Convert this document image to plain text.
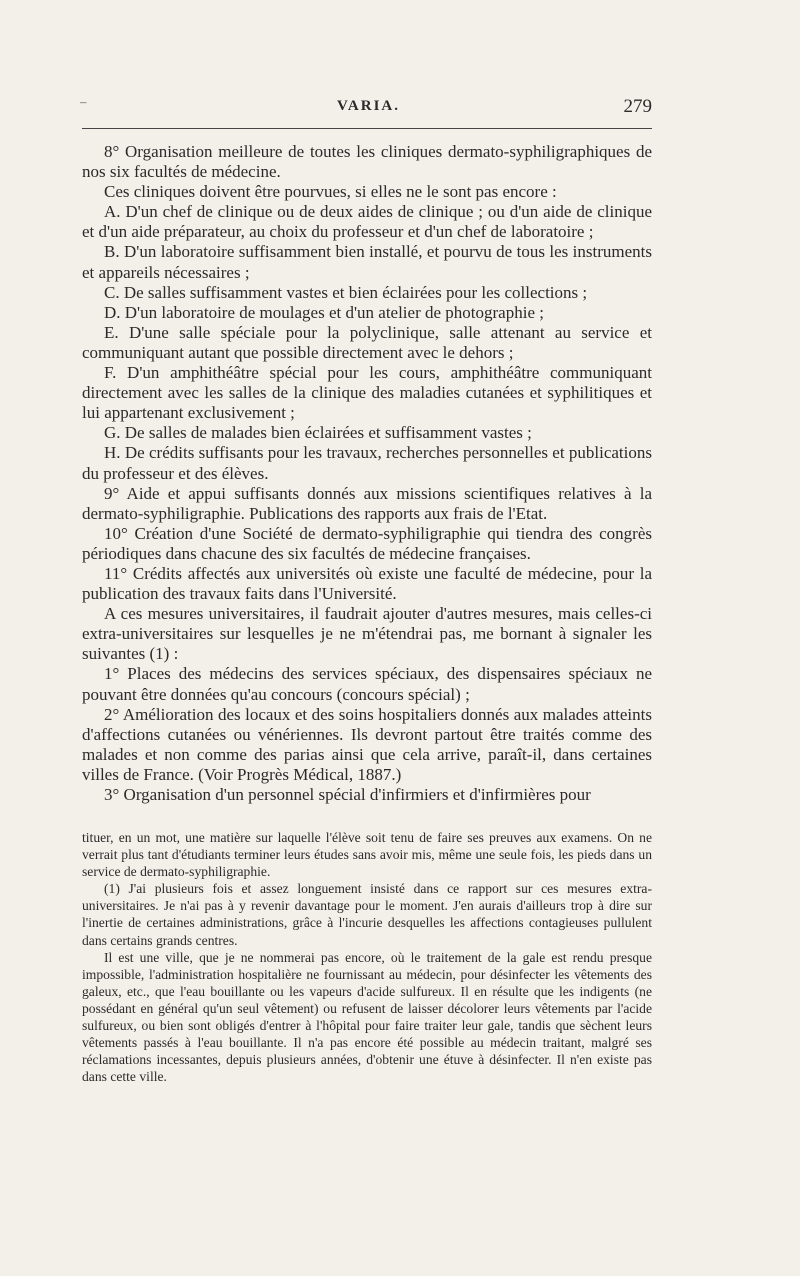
–	VARIA.	279

8° Organisation meilleure de toutes les cliniques dermato-syphiligraphiques de nos six facultés de médecine.

Ces cliniques doivent être pourvues, si elles ne le sont pas encore :

A. D'un chef de clinique ou de deux aides de clinique ; ou d'un aide de clinique et d'un aide préparateur, au choix du professeur et d'un chef de laboratoire ;

B. D'un laboratoire suffisamment bien installé, et pourvu de tous les instruments et appareils nécessaires ;

C. De salles suffisamment vastes et bien éclairées pour les collections ;

D. D'un laboratoire de moulages et d'un atelier de photographie ;

E. D'une salle spéciale pour la polyclinique, salle attenant au service et communiquant autant que possible directement avec le dehors ;

F. D'un amphithéâtre spécial pour les cours, amphithéâtre communiquant directement avec les salles de la clinique des maladies cutanées et syphilitiques et lui appartenant exclusivement ;

G. De salles de malades bien éclairées et suffisamment vastes ;

H. De crédits suffisants pour les travaux, recherches personnelles et publications du professeur et des élèves.

9° Aide et appui suffisants donnés aux missions scientifiques relatives à la dermato-syphiligraphie. Publications des rapports aux frais de l'Etat.

10° Création d'une Société de dermato-syphiligraphie qui tiendra des congrès périodiques dans chacune des six facultés de médecine françaises.

11° Crédits affectés aux universités où existe une faculté de médecine, pour la publication des travaux faits dans l'Université.

A ces mesures universitaires, il faudrait ajouter d'autres mesures, mais celles-ci extra-universitaires sur lesquelles je ne m'étendrai pas, me bornant à signaler les suivantes (1) :

1° Places des médecins des services spéciaux, des dispensaires spéciaux ne pouvant être données qu'au concours (concours spécial) ;

2° Amélioration des locaux et des soins hospitaliers donnés aux malades atteints d'affections cutanées ou vénériennes. Ils devront partout être traités comme des malades et non comme des parias ainsi que cela arrive, paraît-il, dans certaines villes de France. (Voir Progrès Médical, 1887.)

3° Organisation d'un personnel spécial d'infirmiers et d'infirmières pour

tituer, en un mot, une matière sur laquelle l'élève soit tenu de faire ses preuves aux examens. On ne verrait plus tant d'étudiants terminer leurs études sans avoir mis, même une seule fois, les pieds dans un service de dermato-syphiligraphie.

(1) J'ai plusieurs fois et assez longuement insisté dans ce rapport sur ces mesures extra-universitaires. Je n'ai pas à y revenir davantage pour le moment. J'en aurais d'ailleurs trop à dire sur l'inertie de certaines administrations, grâce à l'incurie desquelles les affections contagieuses pullulent dans certains grands centres.

Il est une ville, que je ne nommerai pas encore, où le traitement de la gale est rendu presque impossible, l'administration hospitalière ne fournissant au médecin, pour désinfecter les vêtements des galeux, etc., que l'eau bouillante ou les vapeurs d'acide sulfureux. Il en résulte que les indigents (ne possédant en général qu'un seul vêtement) ou refusent de laisser décolorer leurs vêtements par l'acide sulfureux, ou bien sont obligés d'entrer à l'hôpital pour faire traiter leur gale, tandis que sèchent leurs vêtements passés à l'eau bouillante. Il n'a pas encore été possible au médecin traitant, malgré ses réclamations incessantes, depuis plusieurs années, d'obtenir une étuve à désinfecter. Il n'en existe pas dans cette ville.
